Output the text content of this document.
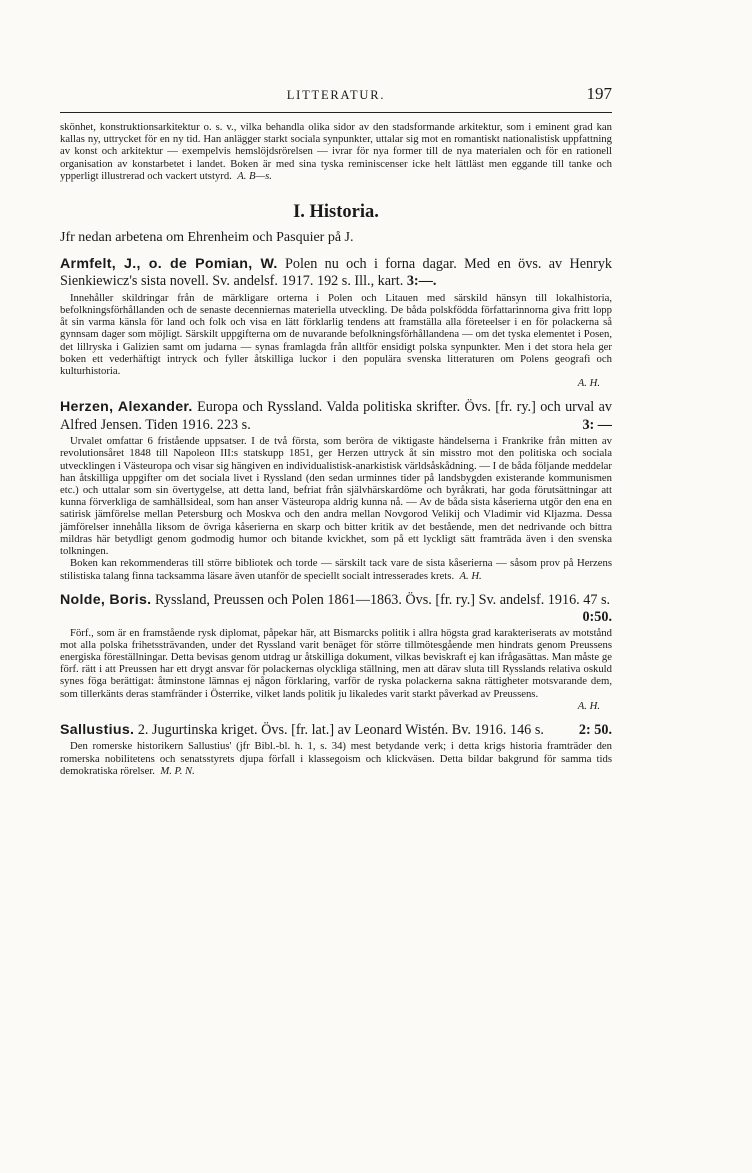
LITTERATUR.	197

skönhet, konstruktionsarkitektur o. s. v., vilka behandla olika sidor av den stadsformande arkitektur, som i eminent grad kan kallas ny, uttrycket för en ny tid. Han anlägger starkt sociala synpunkter, uttalar sig mot en romantiskt nationalistisk uppfattning av konst och arkitektur — exempelvis hemslöjdsrörelsen — ivrar för nya former till de nya materialen och för en rationell organisation av konstarbetet i landet. Boken är med sina tyska reminiscenser icke helt lättläst men eggande till tanke och ypperligt illustrerad och vackert utstyrd. A. B—s.

I. Historia.

Jfr nedan arbetena om Ehrenheim och Pasquier på J.

Armfelt, J., o. de Pomian, W. Polen nu och i forna dagar. Med en övs. av Henryk Sienkiewicz's sista novell. Sv. andelsf. 1917. 192 s. Ill., kart. 3:—.

Innehåller skildringar från de märkligare orterna i Polen och Litauen med särskild hänsyn till lokalhistoria, befolkningsförhållanden och de senaste decenniernas materiella utveckling. De båda polskfödda författarinnorna giva fritt lopp åt sin varma känsla för land och folk och visa en lätt förklarlig tendens att framställa alla företeelser i en för polackerna så gynnsam dager som möjligt. Särskilt uppgifterna om de nuvarande befolkningsförhållandena — om det tyska elementet i Posen, det lillryska i Galizien samt om judarna — synas framlagda från alltför ensidigt polska synpunkter. Men i det stora hela ger boken ett vederhäftigt intryck och fyller åtskilliga luckor i den populära svenska litteraturen om Polens geografi och kulturhistoria.

A. H.

Herzen, Alexander. Europa och Ryssland. Valda politiska skrifter. Övs. [fr. ry.] och urval av Alfred Jensen. Tiden 1916. 223 s.	3: —

Urvalet omfattar 6 fristående uppsatser. I de två första, som beröra de viktigaste händelserna i Frankrike från mitten av revolutionsåret 1848 till Napoleon III:s statskupp 1851, ger Herzen uttryck åt sin misstro mot den politiska och sociala utvecklingen i Västeuropa och visar sig hängiven en individualistisk-anarkistisk världsåskådning. — I de båda följande meddelar han åtskilliga uppgifter om det sociala livet i Ryssland (den sedan urminnes tider på landsbygden existerande kommunismen etc.) och uttalar som sin övertygelse, att detta land, befriat från självhärskardöme och byråkrati, har goda förutsättningar att kunna förverkliga de samhällsideal, som han anser Västeuropa aldrig kunna nå. — Av de båda sista kåserierna utgör den ena en satirisk jämförelse mellan Petersburg och Moskva och den andra mellan Novgorod Velikij och Vladimir vid Kljazma. Dessa jämförelser innehålla liksom de övriga kåserierna en skarp och bitter kritik av det bestående, men det nedrivande och bittra mildras här betydligt genom godmodig humor och bitande kvickhet, som på ett lyckligt sätt framträda även i den svenska tolkningen.

Boken kan rekommenderas till större bibliotek och torde — särskilt tack vare de sista kåserierna — såsom prov på Herzens stilistiska talang finna tacksamma läsare även utanför de speciellt socialt intresserades krets. A. H.

Nolde, Boris. Ryssland, Preussen och Polen 1861—1863. Övs. [fr. ry.] Sv. andelsf. 1916. 47 s.
0:50.

Förf., som är en framstående rysk diplomat, påpekar här, att Bismarcks politik i allra högsta grad karakteriserats av motstånd mot alla polska frihetssträvanden, under det Ryssland varit benäget för större tillmötesgående men hindrats genom Preussens energiska föreställningar. Detta bevisas genom utdrag ur åtskilliga dokument, vilkas beviskraft ej kan ifrågasättas. Man måste ge förf. rätt i att Preussen har ett drygt ansvar för polackernas olyckliga ställning, men att därav sluta till Rysslands relativa oskuld synes föga berättigat: åtminstone lämnas ej någon förklaring, varför de ryska polackerna sakna rättigheter motsvarande dem, som tillerkänts deras stamfränder i Österrike, vilket lands politik ju likaledes varit starkt påverkad av Preussens.

A. H.

Sallustius. 2. Jugurtinska kriget. Övs. [fr. lat.] av Leonard Wistén. Bv. 1916. 146 s. 2: 50.

Den romerske historikern Sallustius' (jfr Bibl.-bl. h. 1, s. 34) mest betydande verk; i detta krigs historia framträder den romerska nobilitetens och senatsstyrets djupa förfall i klassegoism och klickväsen. Detta bildar bakgrund för samma tids demokratiska rörelser. M. P. N.
